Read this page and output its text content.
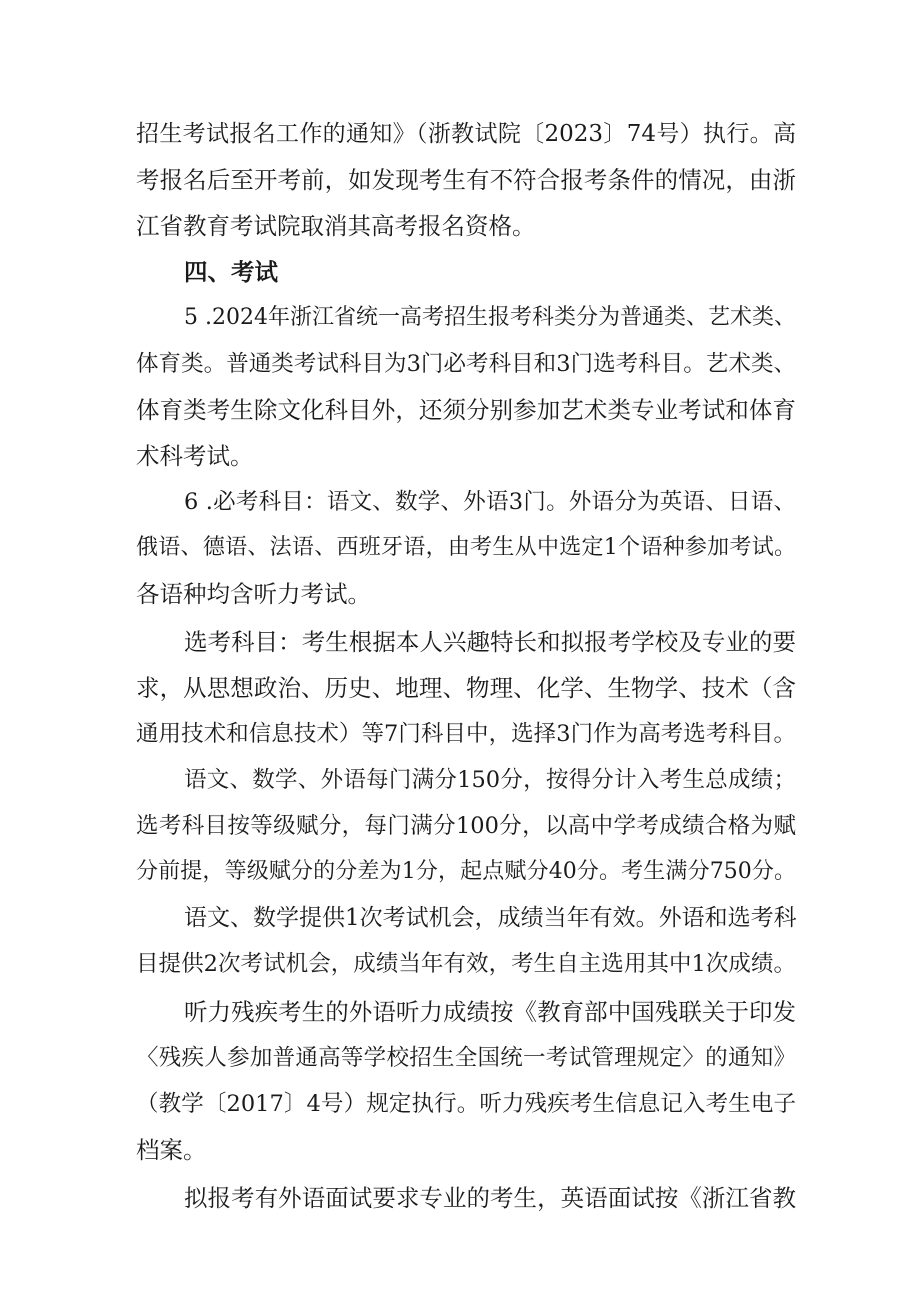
招生考试报名工作的通知》（浙教试院〔2023〕74号）执行。高
考报名后至开考前，如发现考生有不符合报考条件的情况，由浙
江省教育考试院取消其高考报名资格。
四、考试
5 .2024年浙江省统一高考招生报考科类分为普通类、艺术类、
体育类。普通类考试科目为3门必考科目和3门选考科目。艺术类、
体育类考生除文化科目外，还须分别参加艺术类专业考试和体育
术科考试。
6 .必考科目：语文、数学、外语3门。外语分为英语、日语、
俄语、德语、法语、西班牙语，由考生从中选定1个语种参加考试。
各语种均含听力考试。
选考科目：考生根据本人兴趣特长和拟报考学校及专业的要
求，从思想政治、历史、地理、物理、化学、生物学、技术（含
通用技术和信息技术）等7门科目中，选择3门作为高考选考科目。
语文、数学、外语每门满分150分，按得分计入考生总成绩；
选考科目按等级赋分，每门满分100分，以高中学考成绩合格为赋
分前提，等级赋分的分差为1分，起点赋分40分。考生满分750分。
语文、数学提供1次考试机会，成绩当年有效。外语和选考科
目提供2次考试机会，成绩当年有效，考生自主选用其中1次成绩。
听力残疾考生的外语听力成绩按《教育部中国残联关于印发
〈残疾人参加普通高等学校招生全国统一考试管理规定〉的通知》
（教学〔2017〕4号）规定执行。听力残疾考生信息记入考生电子
档案。
拟报考有外语面试要求专业的考生，英语面试按《浙江省教
